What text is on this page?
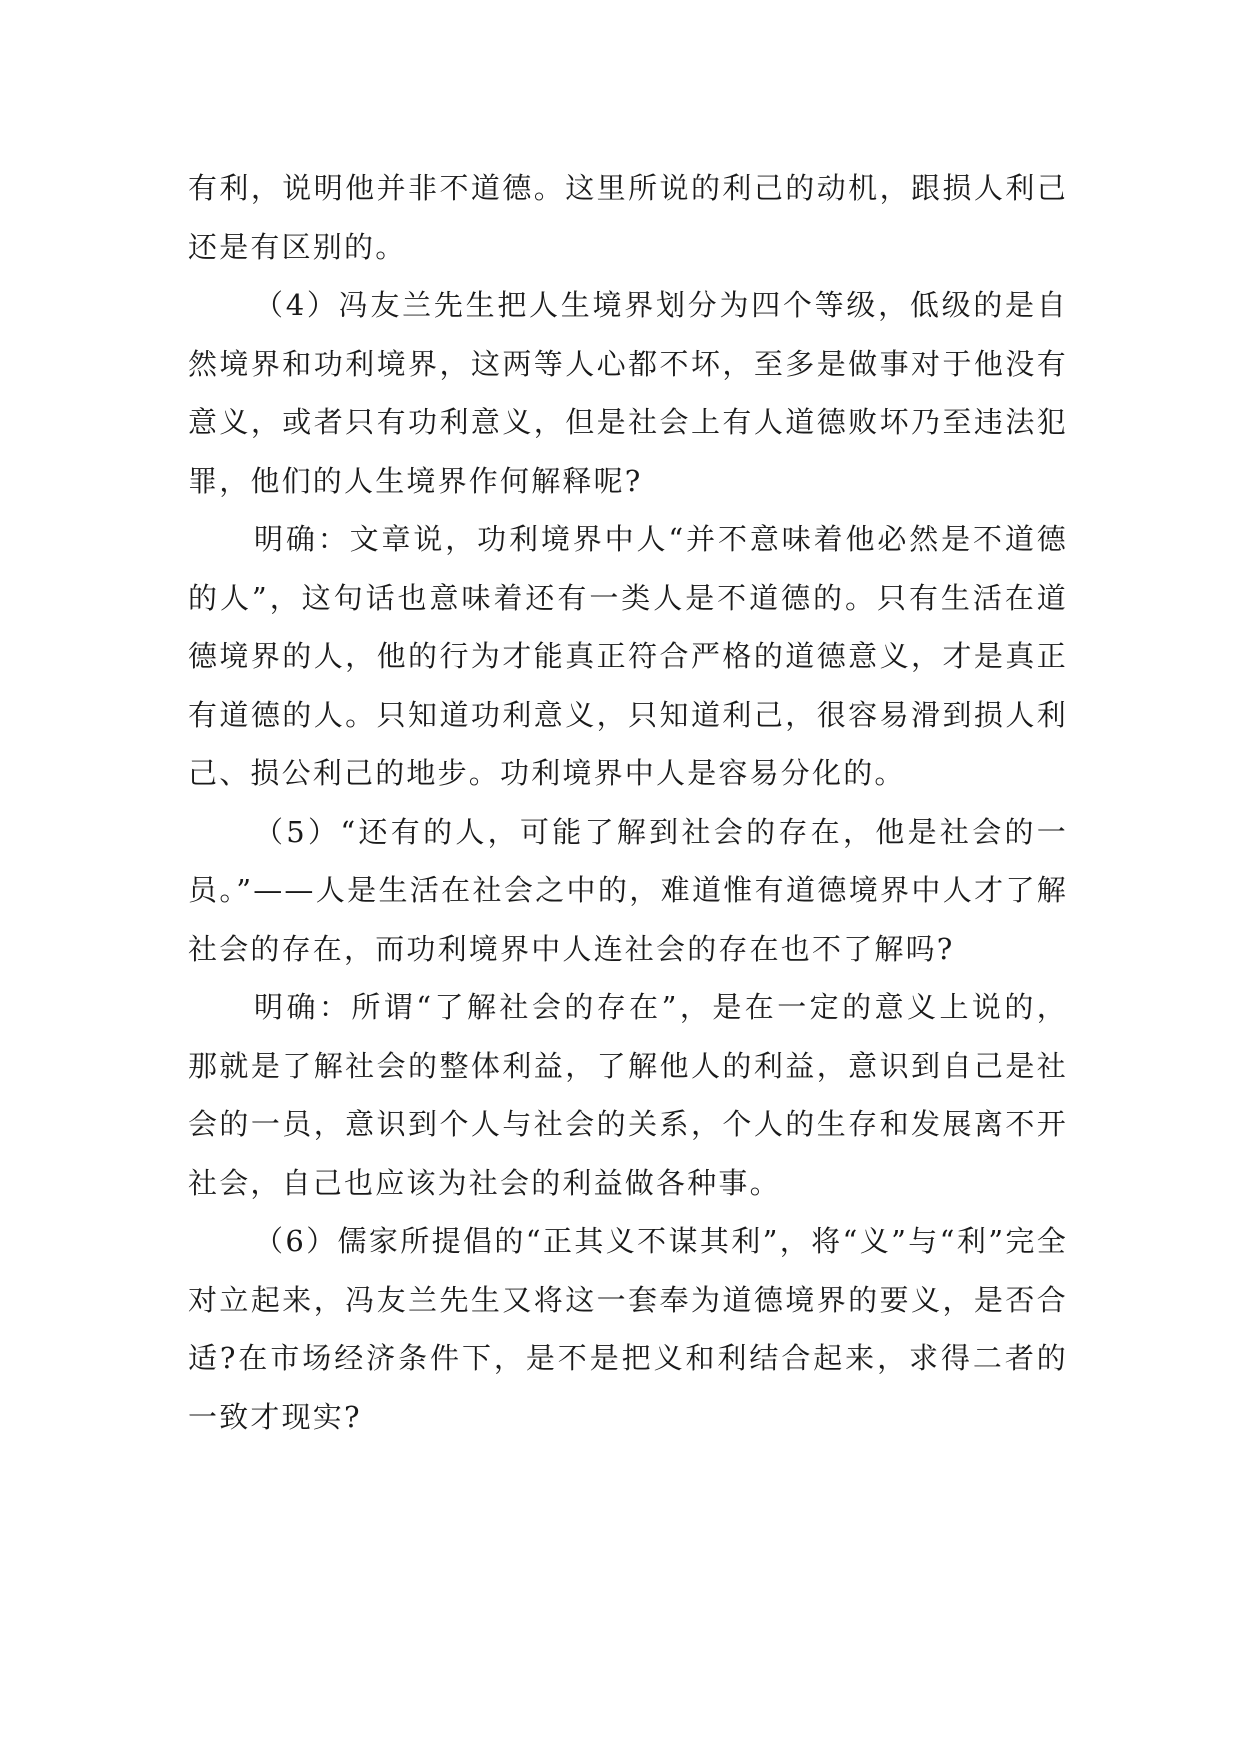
有利，说明他并非不道德。这里所说的利己的动机，跟损人利己还是有区别的。

（4）冯友兰先生把人生境界划分为四个等级，低级的是自然境界和功利境界，这两等人心都不坏，至多是做事对于他没有意义，或者只有功利意义，但是社会上有人道德败坏乃至违法犯罪，他们的人生境界作何解释呢?

明确：文章说，功利境界中人“并不意味着他必然是不道德的人”，这句话也意味着还有一类人是不道德的。只有生活在道德境界的人，他的行为才能真正符合严格的道德意义，才是真正有道德的人。只知道功利意义，只知道利己，很容易滑到损人利己、损公利己的地步。功利境界中人是容易分化的。

（5）“还有的人，可能了解到社会的存在，他是社会的一员。”——人是生活在社会之中的，难道惟有道德境界中人才了解社会的存在，而功利境界中人连社会的存在也不了解吗?

明确：所谓“了解社会的存在”，是在一定的意义上说的，那就是了解社会的整体利益，了解他人的利益，意识到自己是社会的一员，意识到个人与社会的关系，个人的生存和发展离不开社会，自己也应该为社会的利益做各种事。

（6）儒家所提倡的“正其义不谋其利”，将“义”与“利”完全对立起来，冯友兰先生又将这一套奉为道德境界的要义，是否合适?在市场经济条件下，是不是把义和利结合起来，求得二者的一致才现实?
